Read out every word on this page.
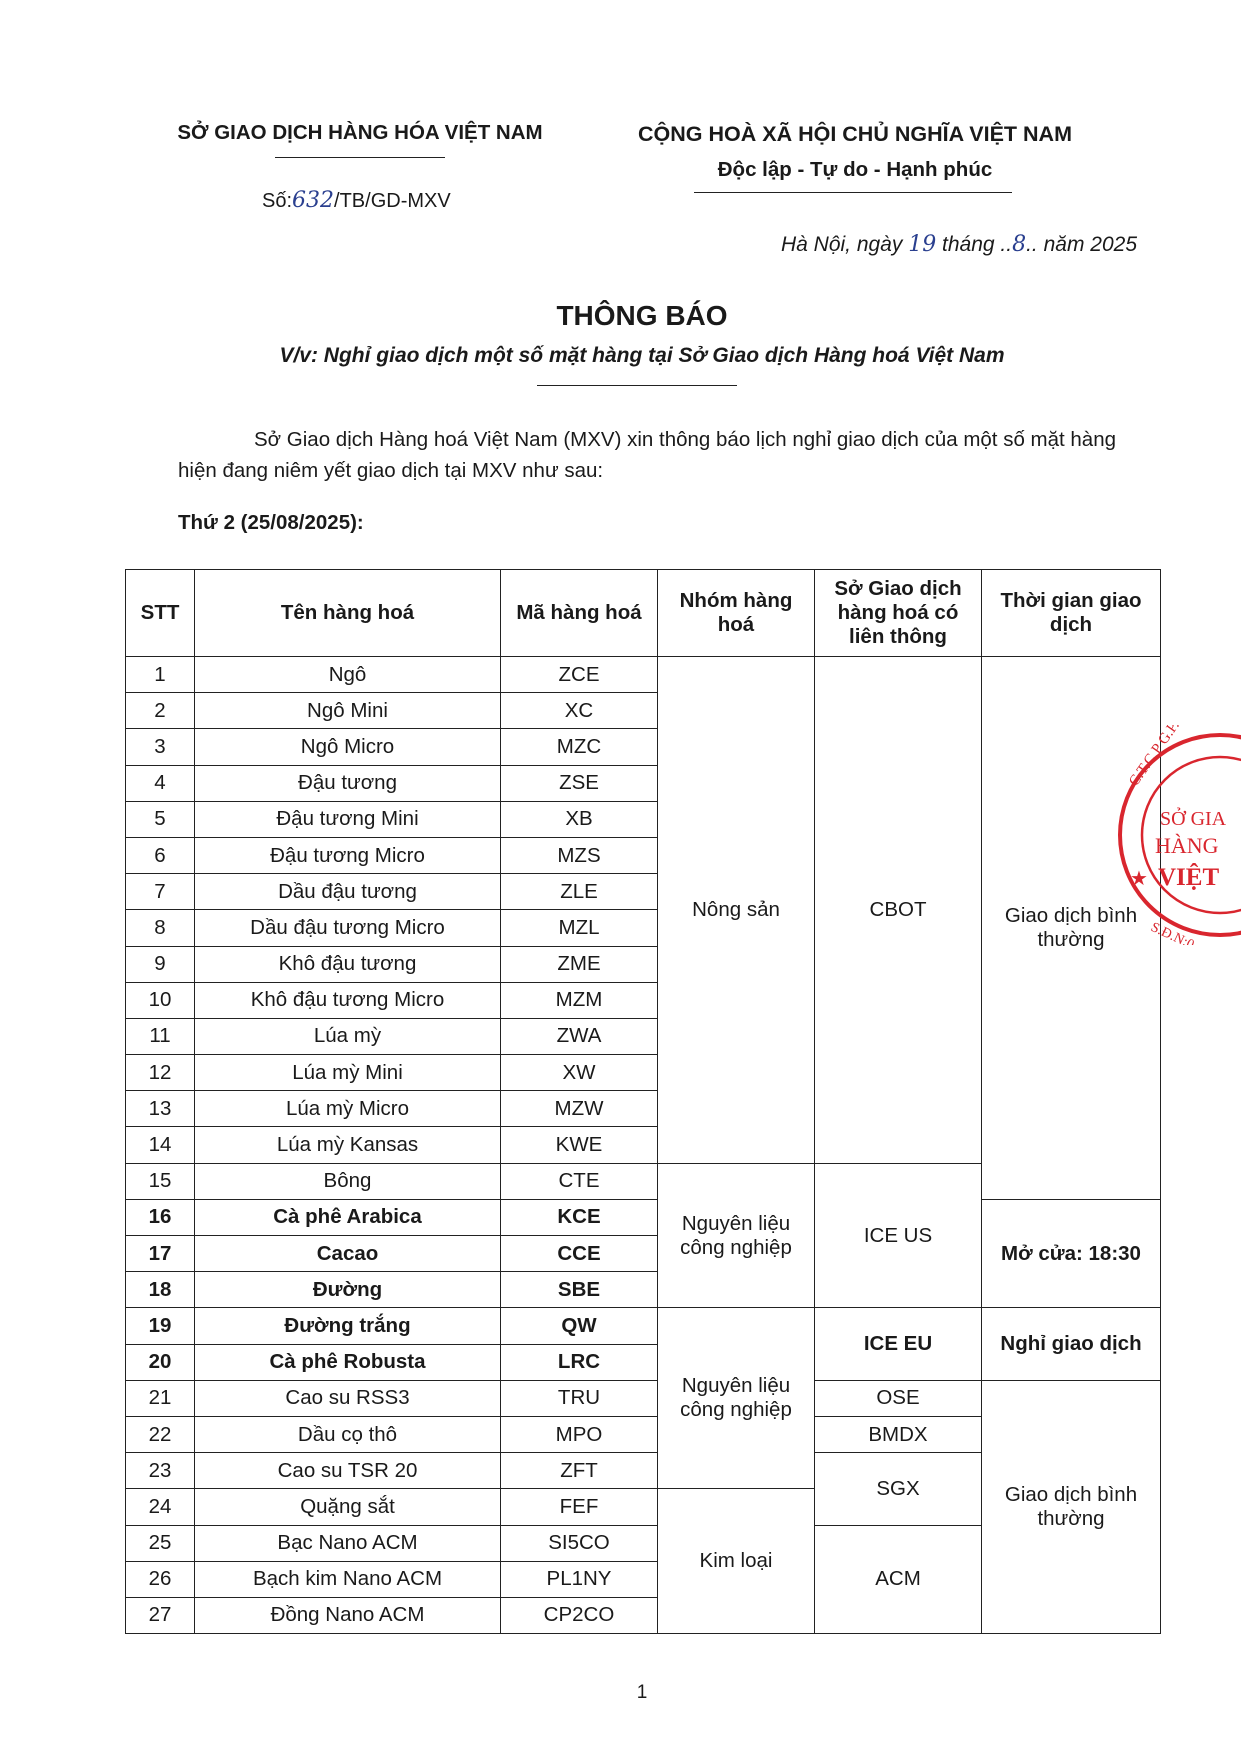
SỞ GIAO DỊCH HÀNG HÓA VIỆT NAM
Số:632/TB/GD-MXV
CỘNG HOÀ XÃ HỘI CHỦ NGHĨA VIỆT NAM
Độc lập - Tự do - Hạnh phúc
Hà Nội, ngày 19 tháng ..8.. năm 2025
THÔNG BÁO
V/v: Nghỉ giao dịch một số mặt hàng tại Sở Giao dịch Hàng hoá Việt Nam
Sở Giao dịch Hàng hoá Việt Nam (MXV) xin thông báo lịch nghỉ giao dịch của một số mặt hàng hiện đang niêm yết giao dịch tại MXV như sau:
Thứ 2 (25/08/2025):
STT	Tên hàng hoá	Mã hàng hoá	Nhóm hàng hoá	Sở Giao dịch hàng hoá có liên thông	Thời gian giao dịch
1	Ngô	ZCE	Nông sản	CBOT	Giao dịch bình thường
2	Ngô Mini	XC			
3	Ngô Micro	MZC			
4	Đậu tương	ZSE			
5	Đậu tương Mini	XB			
6	Đậu tương Micro	MZS			
7	Dầu đậu tương	ZLE			
8	Dầu đậu tương Micro	MZL			
9	Khô đậu tương	ZME			
10	Khô đậu tương Micro	MZM			
11	Lúa mỳ	ZWA			
12	Lúa mỳ Mini	XW			
13	Lúa mỳ Micro	MZW			
14	Lúa mỳ Kansas	KWE			
15	Bông	CTE	Nguyên liệu công nghiệp	ICE US	
16	Cà phê Arabica	KCE			Mở cửa: 18:30
17	Cacao	CCE			
18	Đường	SBE			
19	Đường trắng	QW	Nguyên liệu công nghiệp	ICE EU	Nghỉ giao dịch
20	Cà phê Robusta	LRC			
21	Cao su RSS3	TRU		OSE	Giao dịch bình thường
22	Dầu cọ thô	MPO		BMDX	
23	Cao su TSR 20	ZFT		SGX	
24	Quặng sắt	FEF	Kim loại		
25	Bạc Nano ACM	SI5CO		ACM	
26	Bạch kim Nano ACM	PL1NY			
27	Đồng Nano ACM	CP2CO			
C.T.C.P G.P.T.L.
SỞ GIA
HÀNG
VIỆT
★
S.Đ.N:0
1
